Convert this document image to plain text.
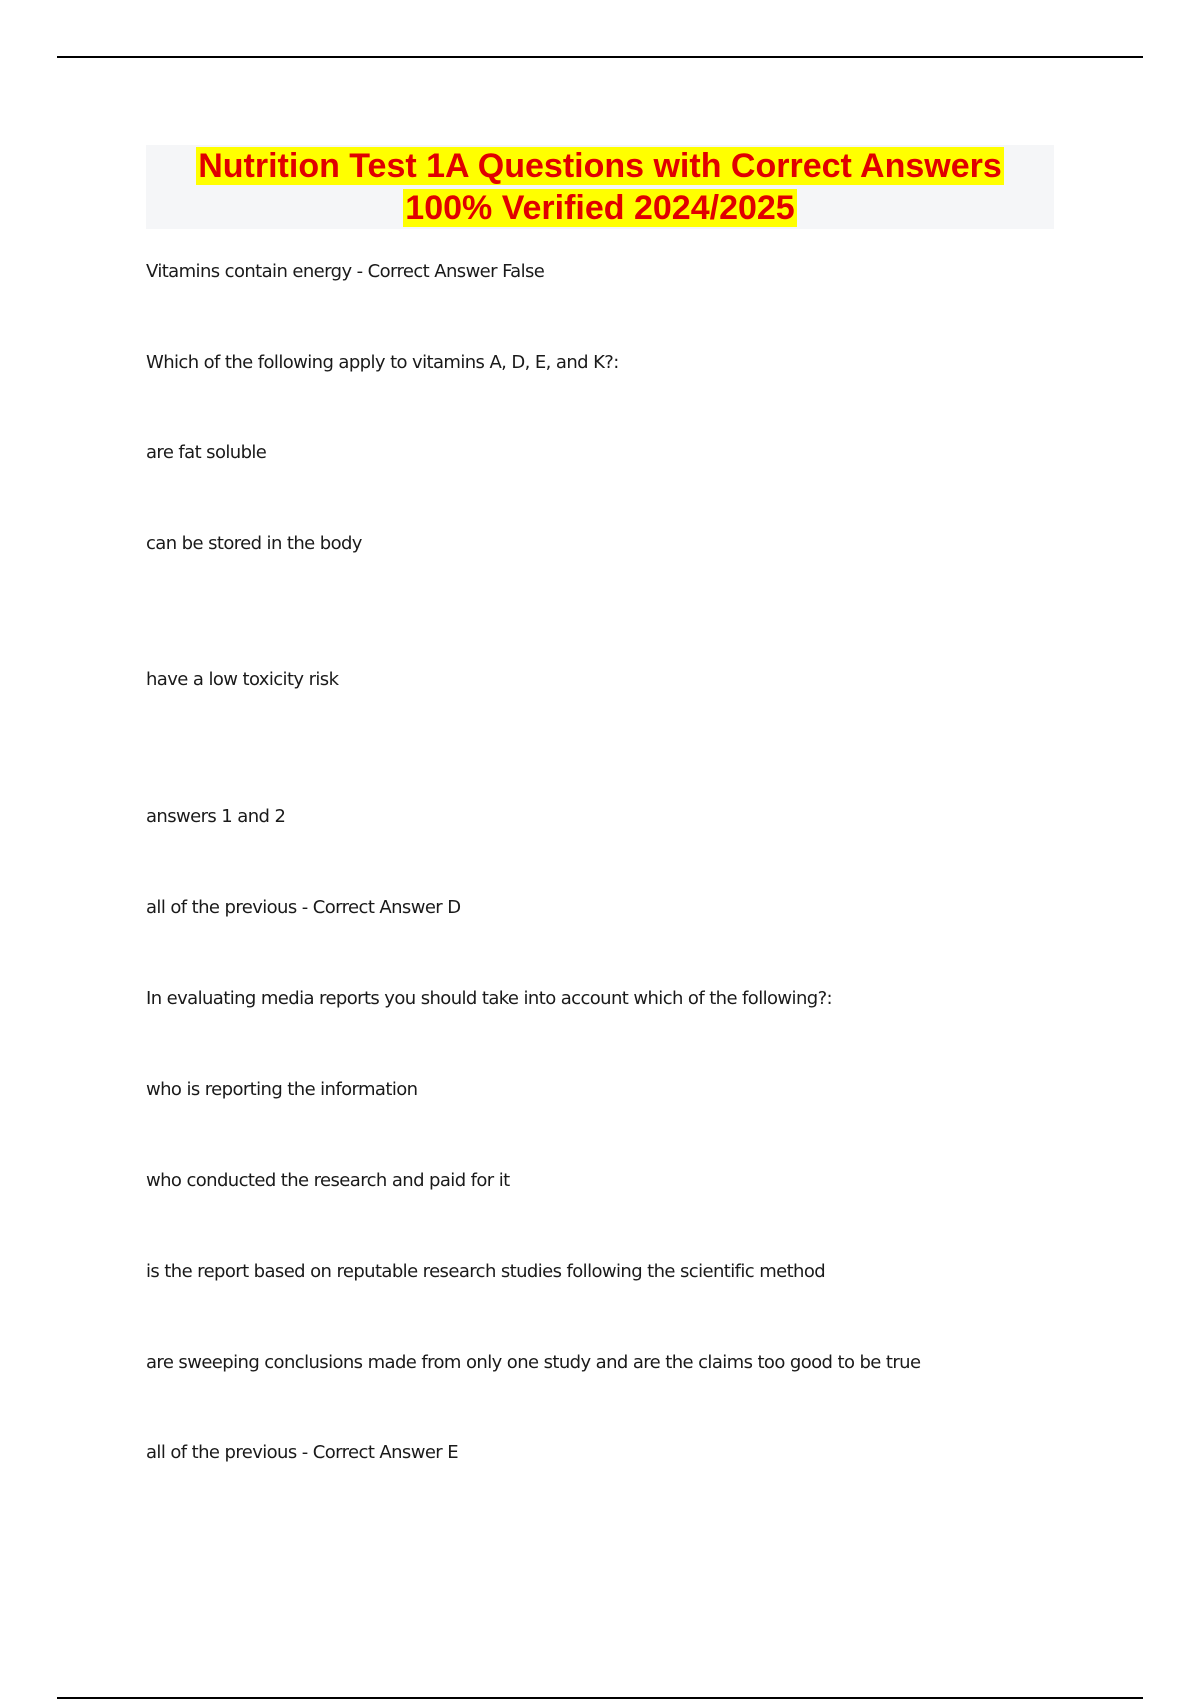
Nutrition Test 1A Questions with Correct Answers
100% Verified 2024/2025
Vitamins contain energy - Correct Answer False
Which of the following apply to vitamins A, D, E, and K?:
are fat soluble
can be stored in the body
have a low toxicity risk
answers 1 and 2
all of the previous - Correct Answer D
In evaluating media reports you should take into account which of the following?:
who is reporting the information
who conducted the research and paid for it
is the report based on reputable research studies following the scientific method
are sweeping conclusions made from only one study and are the claims too good to be true
all of the previous - Correct Answer E
